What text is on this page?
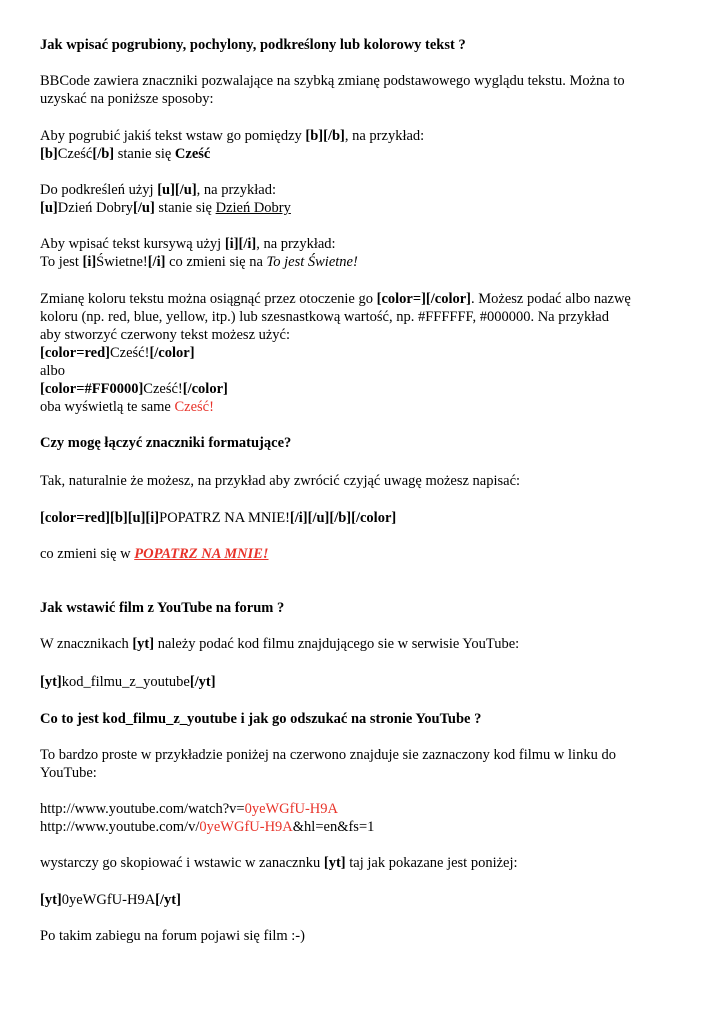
Jak wpisać pogrubiony, pochylony, podkreślony lub kolorowy tekst ?

BBCode zawiera znaczniki pozwalające na szybką zmianę podstawowego wyglądu tekstu. Można to

uzyskać na poniższe sposoby:

Aby pogrubić jakiś tekst wstaw go pomiędzy [b][/b], na przykład:

[b]Cześć[/b] stanie się Cześć

Do podkreśleń użyj [u][/u], na przykład:

[u]Dzień Dobry[/u] stanie się Dzień Dobry

Aby wpisać tekst kursywą użyj [i][/i], na przykład:

To jest [i]Świetne![/i] co zmieni się na To jest Świetne!

Zmianę koloru tekstu można osiągnąć przez otoczenie go [color=][/color]. Możesz podać albo nazwę

koloru (np. red, blue, yellow, itp.) lub szesnastkową wartość, np. #FFFFFF, #000000. Na przykład

aby stworzyć czerwony tekst możesz użyć:

[color=red]Cześć![/color]

albo

[color=#FF0000]Cześć![/color]

oba wyświetlą te same Cześć!

Czy mogę łączyć znaczniki formatujące?

Tak, naturalnie że możesz, na przykład aby zwrócić czyjąć uwagę możesz napisać:

[color=red][b][u][i]POPATRZ NA MNIE![/i][/u][/b][/color]

co zmieni się w POPATRZ NA MNIE!

Jak wstawić film z YouTube na forum ?

W znacznikach [yt] należy podać kod filmu znajdującego sie w serwisie YouTube:

[yt]kod_filmu_z_youtube[/yt]

Co to jest kod_filmu_z_youtube i jak go odszukać na stronie YouTube ?

To bardzo proste w przykładzie poniżej na czerwono znajduje sie zaznaczony kod filmu w linku do

YouTube:

http://www.youtube.com/watch?v=0yeWGfU-H9A

http://www.youtube.com/v/0yeWGfU-H9A&hl=en&fs=1

wystarczy go skopiować i wstawic w zanacznku [yt] taj jak pokazane jest poniżej:

[yt]0yeWGfU-H9A[/yt]

Po takim zabiegu na forum pojawi się film :-)
